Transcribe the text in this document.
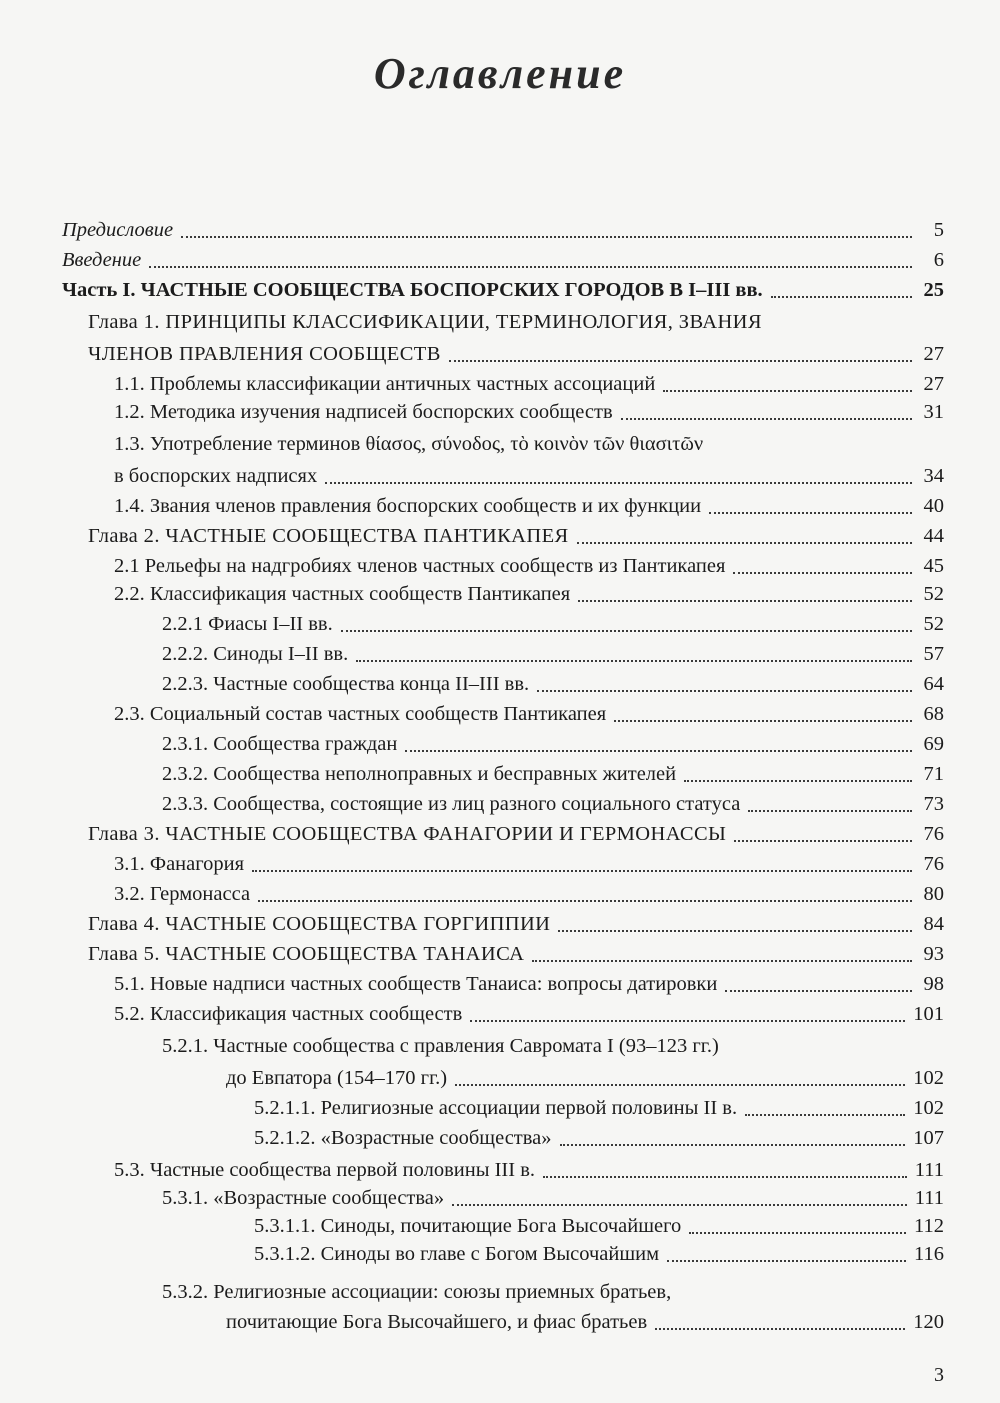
Оглавление
Предисловие	5
Введение	6
Часть I. ЧАСТНЫЕ СООБЩЕСТВА БОСПОРСКИХ ГОРОДОВ В I–III вв.	25
Глава 1. ПРИНЦИПЫ КЛАССИФИКАЦИИ, ТЕРМИНОЛОГИЯ, ЗВАНИЯ
ЧЛЕНОВ ПРАВЛЕНИЯ СООБЩЕСТВ	27
1.1. Проблемы классификации античных частных ассоциаций	27
1.2. Методика изучения надписей боспорских сообществ	31
1.3. Употребление терминов θίασος, σύνοδος, τὸ κοινὸν τῶν θιασιτῶν
в боспорских надписях	34
1.4. Звания членов правления боспорских сообществ и их функции	40
Глава 2. ЧАСТНЫЕ СООБЩЕСТВА ПАНТИКАПЕЯ	44
2.1 Рельефы на надгробиях членов частных сообществ из Пантикапея	45
2.2. Классификация частных сообществ Пантикапея	52
2.2.1 Фиасы I–II вв.	52
2.2.2. Синоды I–II вв.	57
2.2.3. Частные сообщества конца II–III вв.	64
2.3. Социальный состав частных сообществ Пантикапея	68
2.3.1. Сообщества граждан	69
2.3.2. Сообщества неполноправных и бесправных жителей	71
2.3.3. Сообщества, состоящие из лиц разного социального статуса	73
Глава 3. ЧАСТНЫЕ СООБЩЕСТВА ФАНАГОРИИ И ГЕРМОНАССЫ	76
3.1. Фанагория	76
3.2. Гермонасса	80
Глава 4. ЧАСТНЫЕ СООБЩЕСТВА ГОРГИППИИ	84
Глава 5. ЧАСТНЫЕ СООБЩЕСТВА ТАНАИСА	93
5.1. Новые надписи частных сообществ Танаиса: вопросы датировки	98
5.2. Классификация частных сообществ	101
5.2.1. Частные сообщества с правления Савромата I (93–123 гг.)
до Евпатора (154–170 гг.)	102
5.2.1.1. Религиозные ассоциации первой половины II в.	102
5.2.1.2. «Возрастные сообщества»	107
5.3. Частные сообщества первой половины III в.	111
5.3.1. «Возрастные сообщества»	111
5.3.1.1. Синоды, почитающие Бога Высочайшего	112
5.3.1.2. Синоды во главе с Богом Высочайшим	116
5.3.2. Религиозные ассоциации: союзы приемных братьев,
почитающие Бога Высочайшего, и фиас братьев	120
3
